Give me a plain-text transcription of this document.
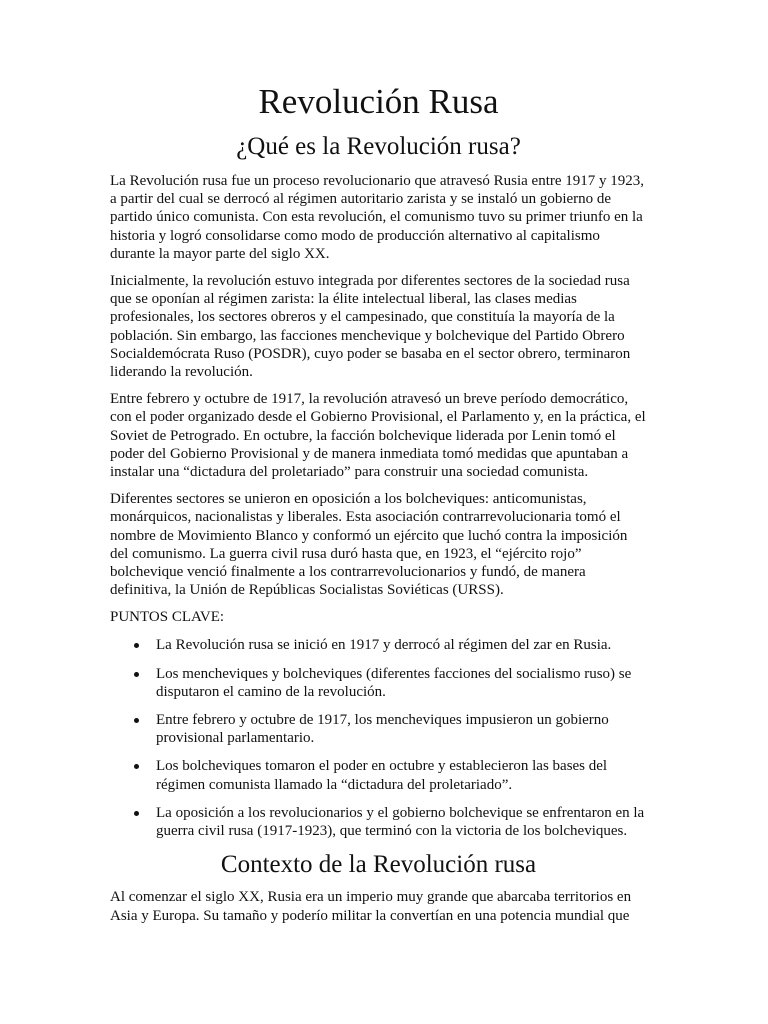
Revolución Rusa
¿Qué es la Revolución rusa?

La Revolución rusa fue un proceso revolucionario que atravesó Rusia entre 1917 y 1923, a partir del cual se derrocó al régimen autoritario zarista y se instaló un gobierno de partido único comunista. Con esta revolución, el comunismo tuvo su primer triunfo en la historia y logró consolidarse como modo de producción alternativo al capitalismo durante la mayor parte del siglo XX.

Inicialmente, la revolución estuvo integrada por diferentes sectores de la sociedad rusa que se oponían al régimen zarista: la élite intelectual liberal, las clases medias profesionales, los sectores obreros y el campesinado, que constituía la mayoría de la población. Sin embargo, las facciones menchevique y bolchevique del Partido Obrero Socialdemócrata Ruso (POSDR), cuyo poder se basaba en el sector obrero, terminaron liderando la revolución.

Entre febrero y octubre de 1917, la revolución atravesó un breve período democrático, con el poder organizado desde el Gobierno Provisional, el Parlamento y, en la práctica, el Soviet de Petrogrado. En octubre, la facción bolchevique liderada por Lenin tomó el poder del Gobierno Provisional y de manera inmediata tomó medidas que apuntaban a instalar una “dictadura del proletariado” para construir una sociedad comunista.

Diferentes sectores se unieron en oposición a los bolcheviques: anticomunistas, monárquicos, nacionalistas y liberales. Esta asociación contrarrevolucionaria tomó el nombre de Movimiento Blanco y conformó un ejército que luchó contra la imposición del comunismo. La guerra civil rusa duró hasta que, en 1923, el “ejército rojo” bolchevique venció finalmente a los contrarrevolucionarios y fundó, de manera definitiva, la Unión de Repúblicas Socialistas Soviéticas (URSS).

PUNTOS CLAVE:

La Revolución rusa se inició en 1917 y derrocó al régimen del zar en Rusia.
Los mencheviques y bolcheviques (diferentes facciones del socialismo ruso) se disputaron el camino de la revolución.
Entre febrero y octubre de 1917, los mencheviques impusieron un gobierno provisional parlamentario.
Los bolcheviques tomaron el poder en octubre y establecieron las bases del régimen comunista llamado la “dictadura del proletariado”.
La oposición a los revolucionarios y el gobierno bolchevique se enfrentaron en la guerra civil rusa (1917-1923), que terminó con la victoria de los bolcheviques.
Contexto de la Revolución rusa

Al comenzar el siglo XX, Rusia era un imperio muy grande que abarcaba territorios en Asia y Europa. Su tamaño y poderío militar la convertían en una potencia mundial que
